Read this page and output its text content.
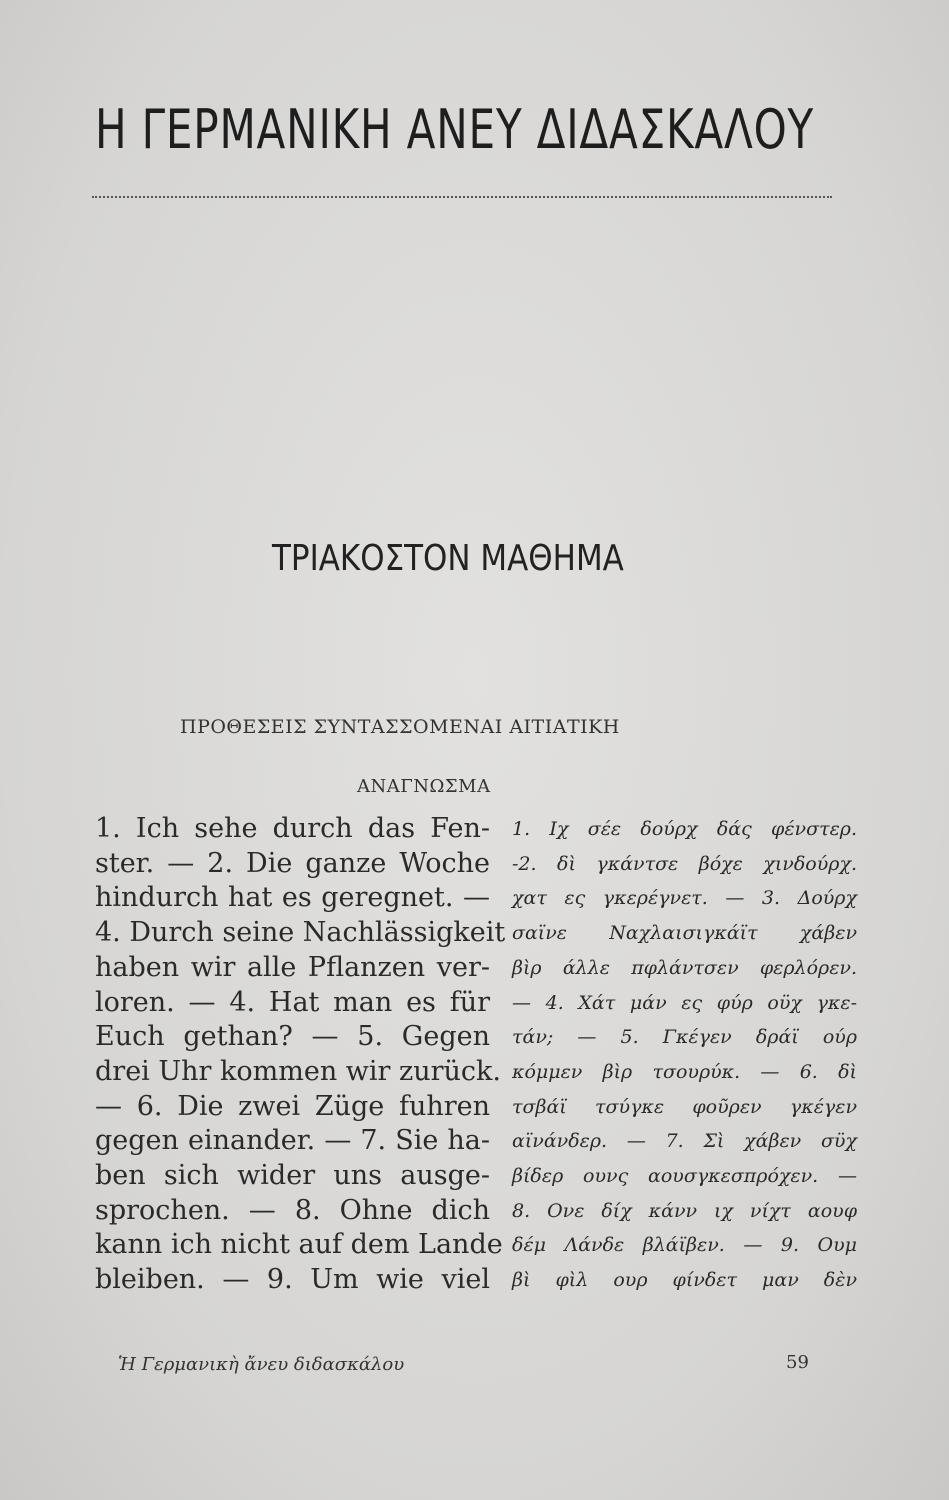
Η ΓΕΡΜΑΝΙΚΗ ΑΝΕΥ ΔΙΔΑΣΚΑΛΟΥ
ΤΡΙΑΚΟΣΤΟΝ ΜΑΘΗΜΑ
ΠΡΟΘΕΣΕΙΣ ΣΥΝΤΑΣΣΟΜΕΝΑΙ ΑΙΤΙΑΤΙΚΗ
ΑΝΑΓΝΩΣΜΑ
1. Ich sehe durch das Fen-
ster. — 2. Die ganze Woche
hindurch hat es geregnet. —
4. Durch seine Nachlässigkeit
haben wir alle Pflanzen ver-
loren. — 4. Hat man es für
Euch gethan? — 5. Gegen
drei Uhr kommen wir zurück.
— 6. Die zwei Züge fuhren
gegen einander. — 7. Sie ha-
ben sich wider uns ausge-
sprochen. — 8. Ohne dich
kann ich nicht auf dem Lande
bleiben. — 9. Um wie viel
1. Ιχ σέε δούρχ δάς φένστερ.
-2. δὶ γκάντσε βόχε χινδούρχ.
χατ ες γκερέγνετ. — 3. Δούρχ
σαϊνε Ναχλαισιγκάϊτ χάβεν
βὶρ άλλε πφλάντσεν φερλόρεν.
— 4. Χάτ μάν ες φύρ οϋχ γκε-
τάν; — 5. Γκέγεν δράϊ ούρ
κόμμεν βὶρ τσουρύκ. — 6. δὶ
τσβάϊ τσύγκε φοῦρεν γκέγεν
αϊνάνδερ. — 7. Σὶ χάβεν σϋχ
βίδερ ουνς αουσγκεσπρόχεν. —
8. Ονε δίχ κάνν ιχ νίχτ αουφ
δέμ Λάνδε βλάϊβεν. — 9. Ουμ
βὶ φὶλ ουρ φίνδετ μαν δὲν
Ἡ Γερμανικὴ ἄνευ διδασκάλου	59
